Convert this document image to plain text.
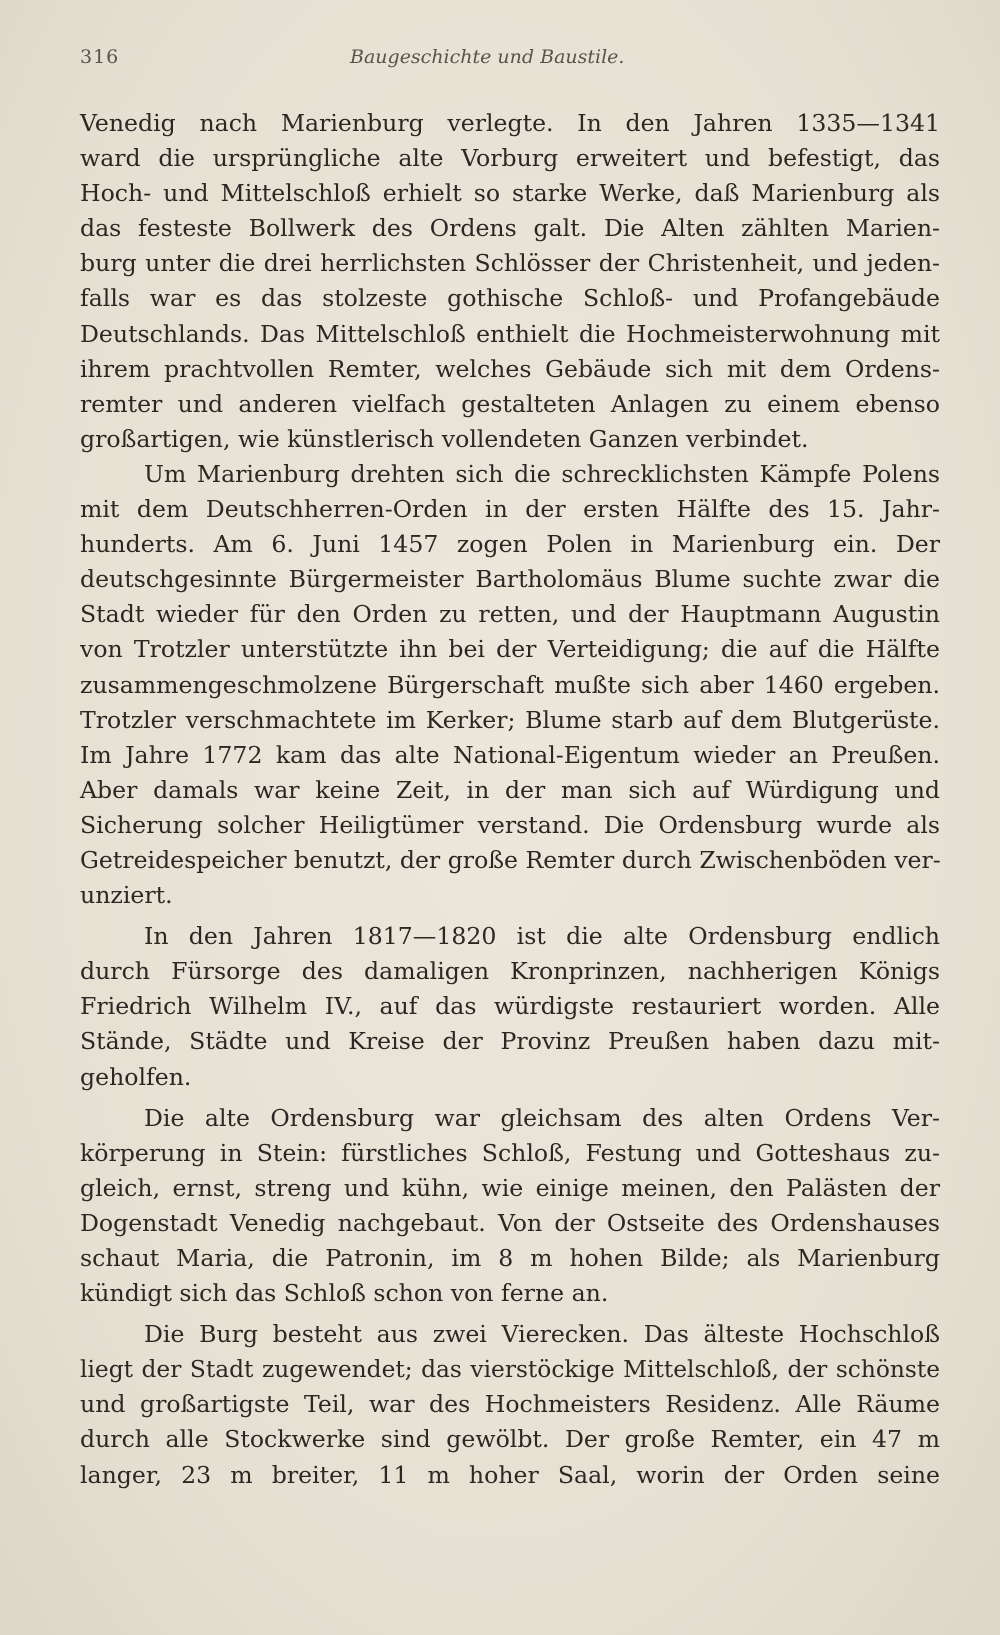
316	Baugeschichte und Baustile.
Venedig nach Marienburg verlegte. In den Jahren 1335—1341
ward die ursprüngliche alte Vorburg erweitert und befestigt, das
Hoch- und Mittelschloß erhielt so starke Werke, daß Marienburg als
das festeste Bollwerk des Ordens galt. Die Alten zählten Marien-
burg unter die drei herrlichsten Schlösser der Christenheit, und jeden-
falls war es das stolzeste gothische Schloß- und Profangebäude
Deutschlands. Das Mittelschloß enthielt die Hochmeisterwohnung mit
ihrem prachtvollen Remter, welches Gebäude sich mit dem Ordens-
remter und anderen vielfach gestalteten Anlagen zu einem ebenso
großartigen, wie künstlerisch vollendeten Ganzen verbindet.
Um Marienburg drehten sich die schrecklichsten Kämpfe Polens
mit dem Deutschherren-Orden in der ersten Hälfte des 15. Jahr-
hunderts. Am 6. Juni 1457 zogen Polen in Marienburg ein. Der
deutschgesinnte Bürgermeister Bartholomäus Blume suchte zwar die
Stadt wieder für den Orden zu retten, und der Hauptmann Augustin
von Trotzler unterstützte ihn bei der Verteidigung; die auf die Hälfte
zusammengeschmolzene Bürgerschaft mußte sich aber 1460 ergeben.
Trotzler verschmachtete im Kerker; Blume starb auf dem Blutgerüste.
Im Jahre 1772 kam das alte National-Eigentum wieder an Preußen.
Aber damals war keine Zeit, in der man sich auf Würdigung und
Sicherung solcher Heiligtümer verstand. Die Ordensburg wurde als
Getreidespeicher benutzt, der große Remter durch Zwischenböden ver-
unziert.
In den Jahren 1817—1820 ist die alte Ordensburg endlich
durch Fürsorge des damaligen Kronprinzen, nachherigen Königs
Friedrich Wilhelm IV., auf das würdigste restauriert worden. Alle
Stände, Städte und Kreise der Provinz Preußen haben dazu mit-
geholfen.
Die alte Ordensburg war gleichsam des alten Ordens Ver-
körperung in Stein: fürstliches Schloß, Festung und Gotteshaus zu-
gleich, ernst, streng und kühn, wie einige meinen, den Palästen der
Dogenstadt Venedig nachgebaut. Von der Ostseite des Ordenshauses
schaut Maria, die Patronin, im 8 m hohen Bilde; als Marienburg
kündigt sich das Schloß schon von ferne an.
Die Burg besteht aus zwei Vierecken. Das älteste Hochschloß
liegt der Stadt zugewendet; das vierstöckige Mittelschloß, der schönste
und großartigste Teil, war des Hochmeisters Residenz. Alle Räume
durch alle Stockwerke sind gewölbt. Der große Remter, ein 47 m
langer, 23 m breiter, 11 m hoher Saal, worin der Orden seine
